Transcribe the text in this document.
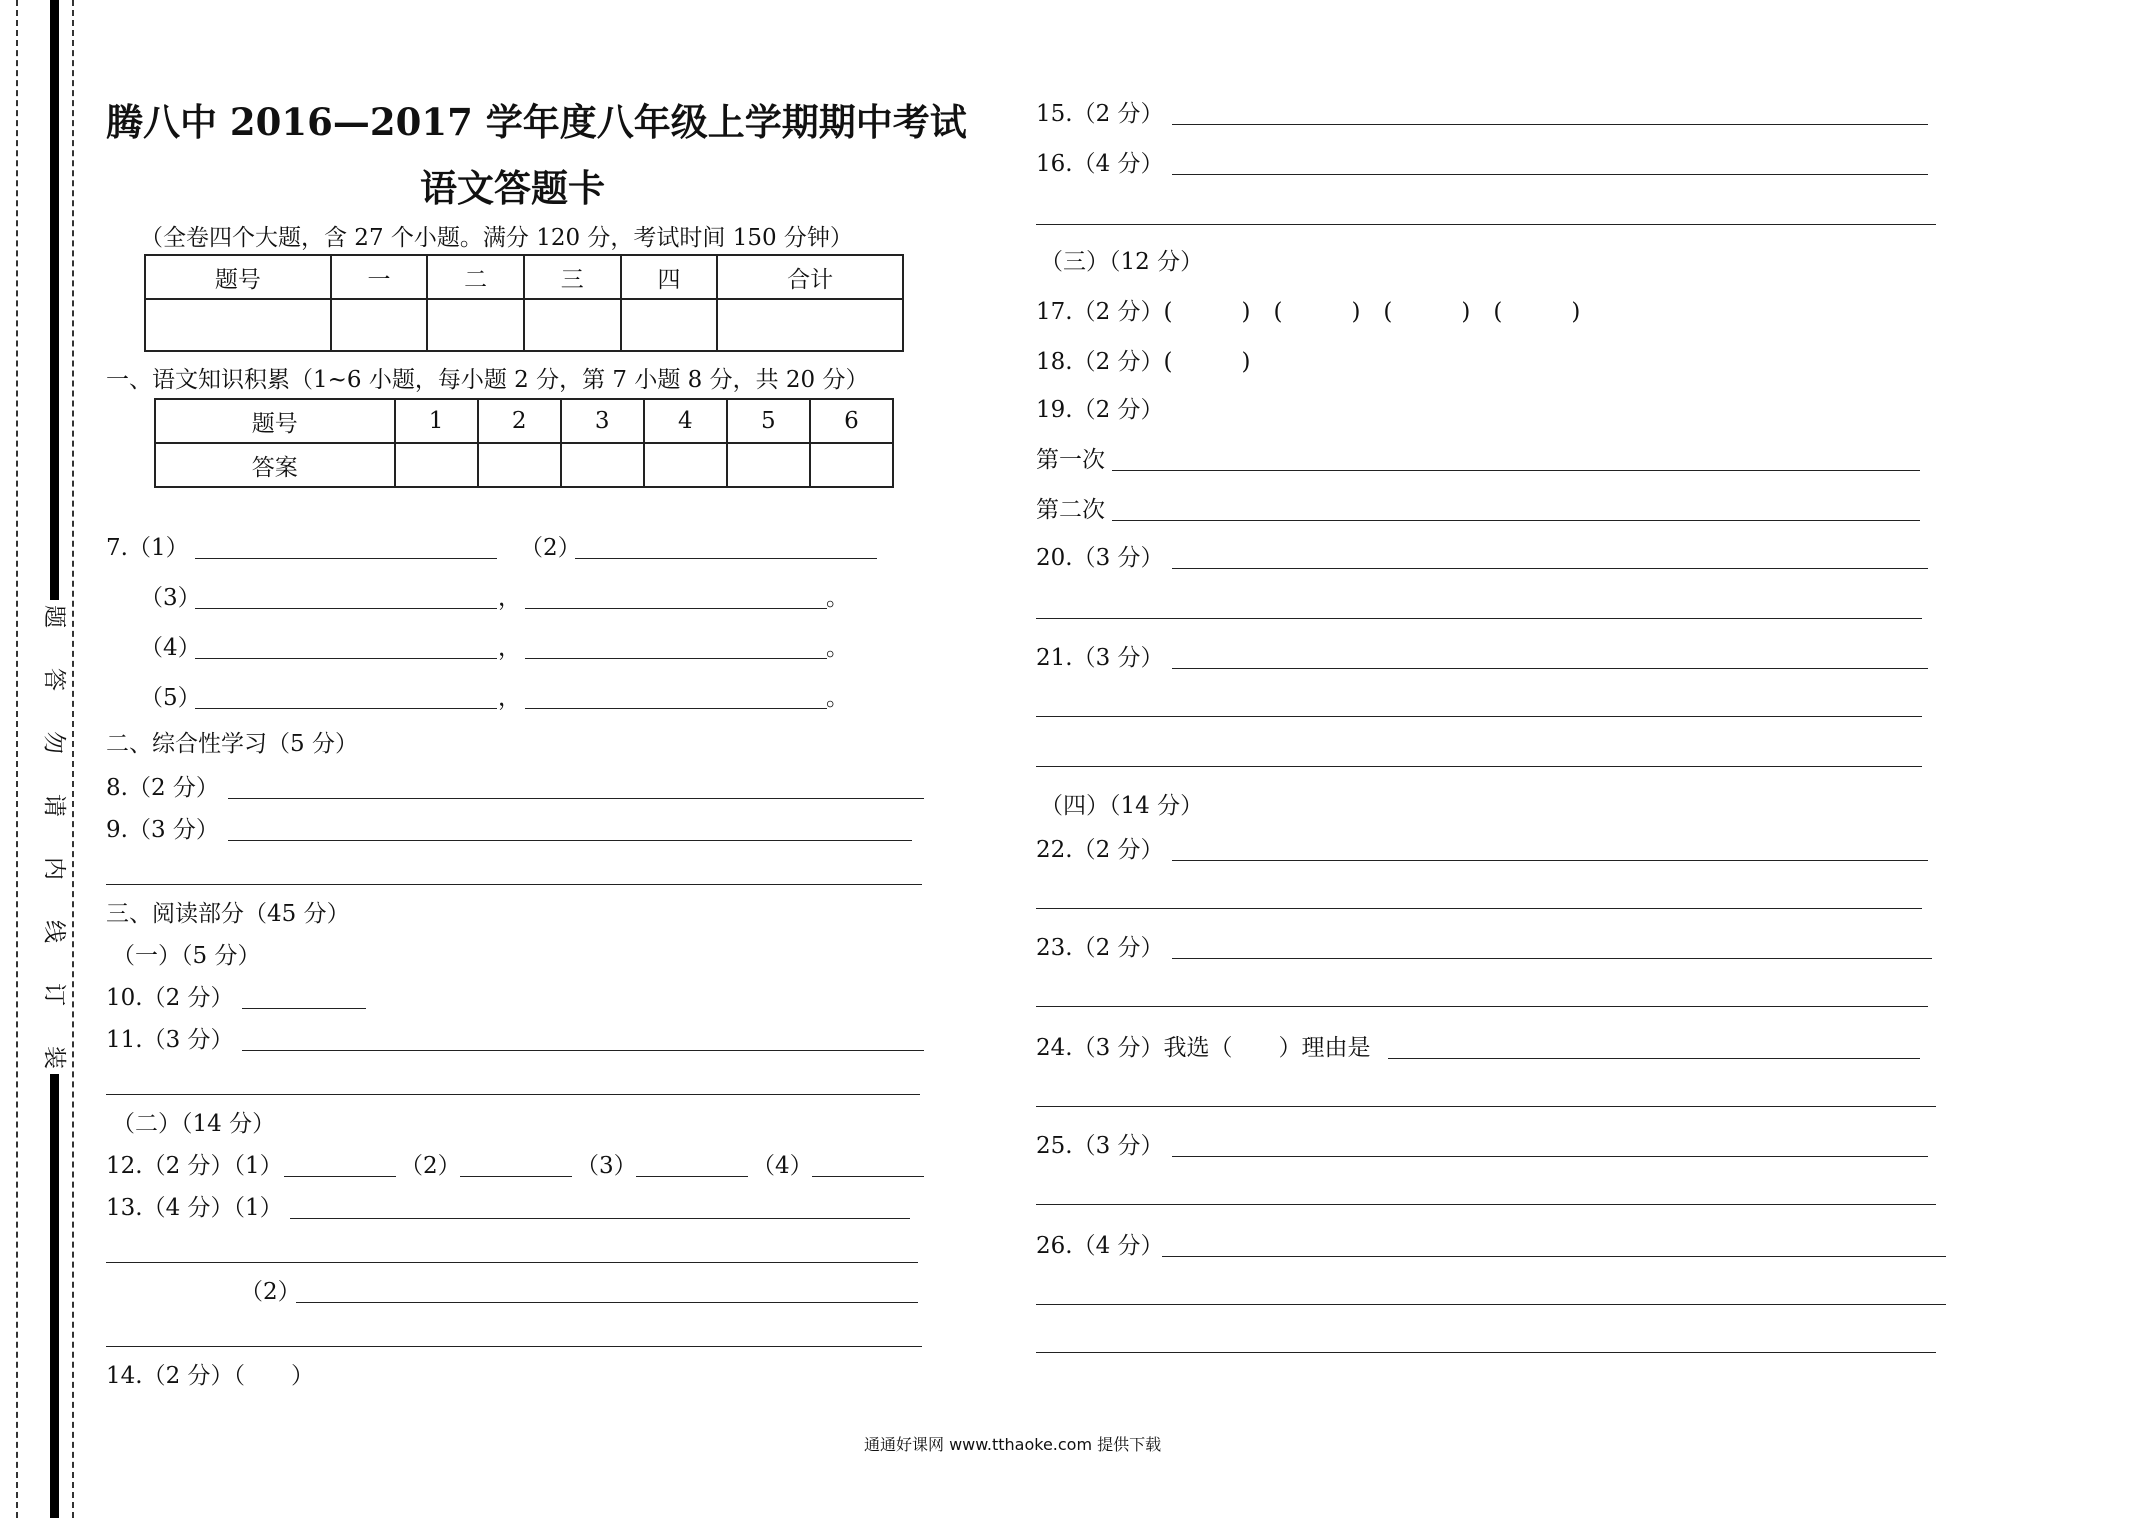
题
答
勿
请
内
线
订
装
腾八中 2016—2017 学年度八年级上学期期中考试
语文答题卡
（全卷四个大题，含 27 个小题。满分 120 分，考试时间 150 分钟）
题号	一	二	三	四	合计

一、语文知识积累（1~6 小题，每小题 2 分，第 7 小题 8 分，共 20 分）
题号	1	2	3	4	5	6
答案						
7.（1）	（2）
（3）	，	。
（4）	，	。
（5）	，	。
二、综合性学习（5 分）
8.（2 分）
9.（3 分）
三、阅读部分（45 分）
（一）（5 分）
10.（2 分）
11.（3 分）
（二）（14 分）
12.（2 分）（1）	（2）	（3）	（4）
13.（4 分）（1）
（2）
14.（2 分）（　　）
15.（2 分）
16.（4 分）
（三）（12 分）
17.（2 分）(　　　)　(　　　)　(　　　)　(　　　)
18.（2 分）(　　　)
19.（2 分）
第一次
第二次
20.（3 分）
21.（3 分）
（四）（14 分）
22.（2 分）
23.（2 分）
24.（3 分）我选（　　）理由是
25.（3 分）
26.（4 分）
通通好课网 www.tthaoke.com 提供下载
